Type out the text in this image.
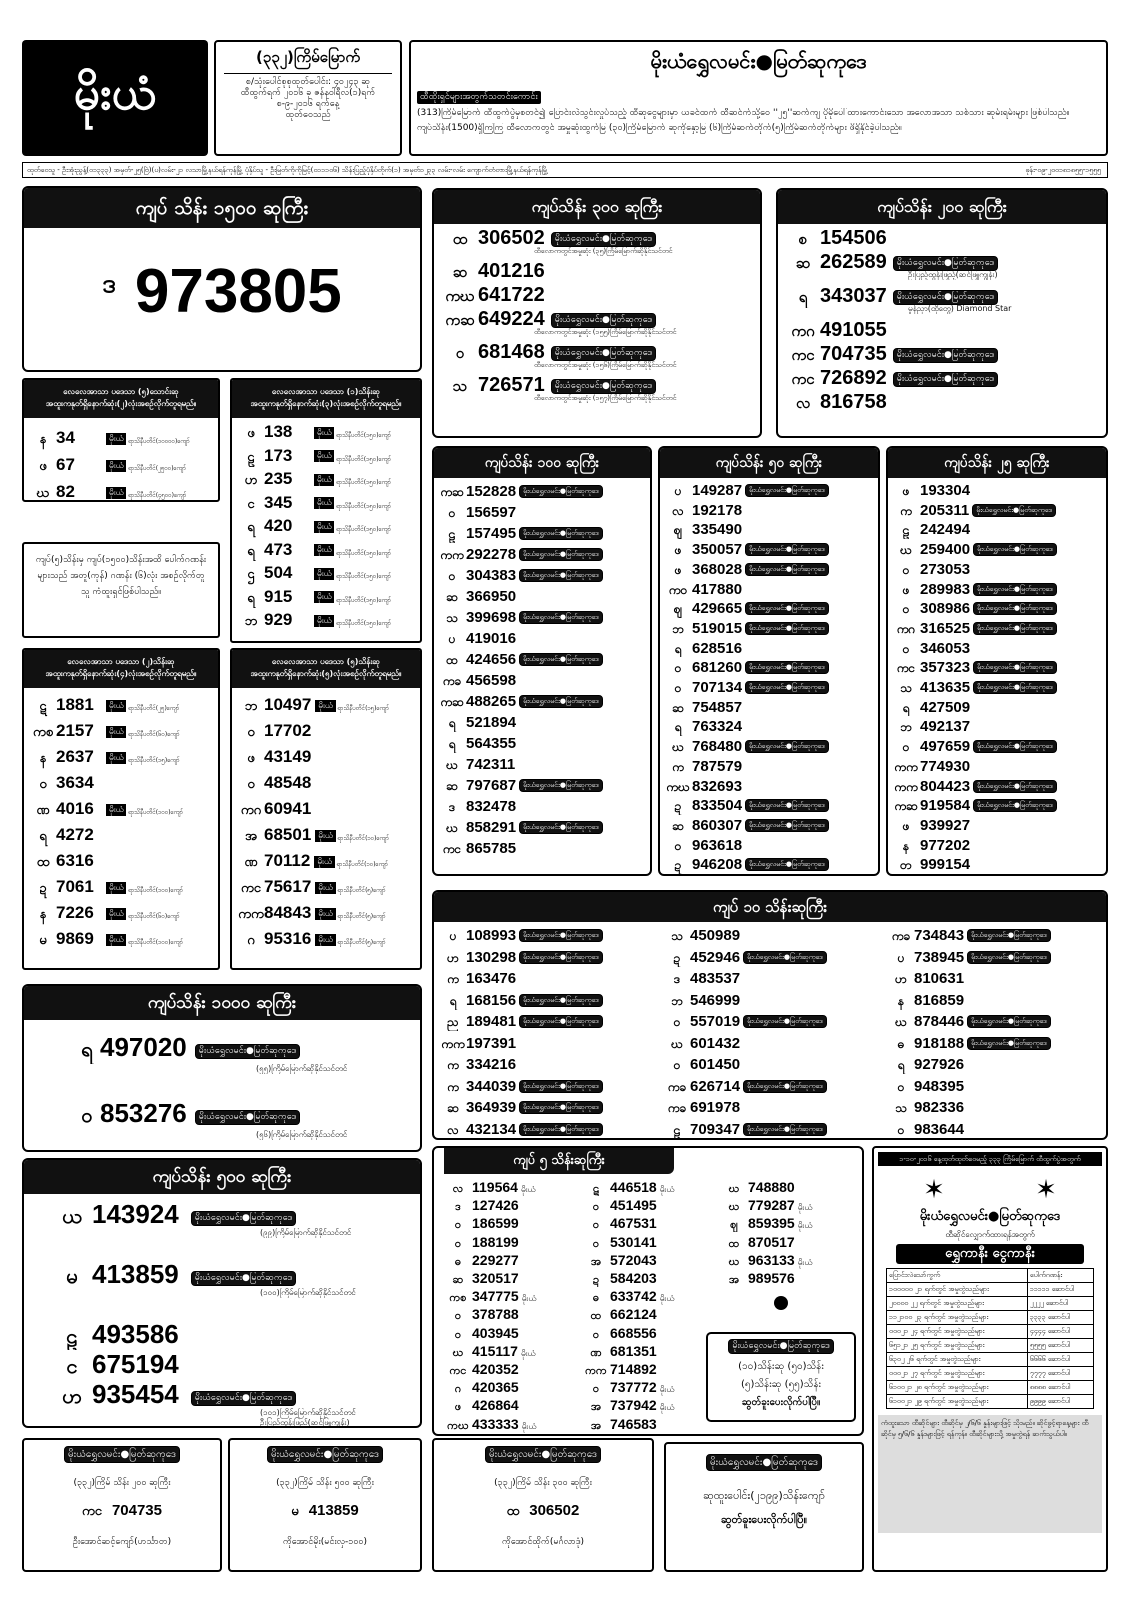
မိုးယံ
(၃၃၂)ကြိမ်မြောက်
စ/သုံးပေါင်စုစုထုတ်ပေါင်း: ၄၀၂၄၃ ဆု
ထီထွက်ရက် ၂၀၁၆ ခု ဇန်နဝါရီလ(၁)ရက်
စ-၉-၂၀၁၆ ရက်နေ့
ထုတ်ဝေသည်
မိုးယံရွှေလမင်း●မြတ်ဆုကုဒေ
ထီထိုးရှင်များအတွက်သတင်းကောင်း
(313)ကြိမ်မြောက် ထီထွက်ပွဲမှစတင်၍ ပြောင်းလဲသွင်းလှုပ်သည့် ထီဆုငွေများမှာ ယခင်ထက် ထီဆင်က်သို့ဝေ ''၂၅''ဆက်ကျ ပိုမိုပေါ်ထားကောင်းသော အလောအသာ သစ်သား ဆုမ်းရမ်းများ ဖြစ်ပါသည်။
ကျပ်သိန်း(1500)ရှိကြကြ ထီလောကတွင် အမှုဆုံးထွက်မြ (၃၀)ကြိမ်မြောက် ဆုကိုနှော့မြ (၆)ကြိမ်ဆက်တိုက်(၅)ကြိမ်ဆက်တိုက်များ ဖိရှိနိုင်ခဲ့ပါသည်။
ထုတ်ဝေသူ - ဦးအုံးညွန့်(ဝ၁၃၃၃) အမှတ်-၂၅(ဗြဲ)(ပ)လမ်း-၂၁ လသာမြို့နယ်ရန်ကုန်မြို့ ပုံနှိပ်သူ - ဦးမြတ်ကိုကိုမြင့်(ဝ၁၁၁ဝ၆) သိန်းပြည့်ပုံနှိပ်တိုက်(၁) အမှတ်၁၂၃၃ လမ်း-လမ်း ကျောက်တံတားမြို့နယ်ရန်ကုန်မြို့	ဖုန်း-၀၉-၂၀၀၁၈၁၈၅၅-၁၅၅၅
ကျပ် သိန်း ၁၅၀၀ ဆုကြီး
ဒ 973805
ကျပ်သိန်း ၃၀၀ ဆုကြီး
ထ 306502 မိုးယံရွှေလမင်း●မြတ်ဆုကုဒေ
ထီလောကတွင်အမှုဆုံး (၃၅)ကြိမ်မြောက်ဆိုနိုင်သင်တင်
ဆ 401216
ကဃ 641722
ကဆ 649224 မိုးယံရွှေလမင်း●မြတ်ဆုကုဒေ
ထီလောကတွင်အမှုဆုံး (၁၅၅)ကြိမ်မြောက်ဆိုနိုင်သင်တင်
ဝ 681468 မိုးယံရွှေလမင်း●မြတ်ဆုကုဒေ
ထီလောကတွင်အမှုဆုံး (၁၅၆)ကြိမ်မြောက်ဆိုနိုင်သင်တင်
သ 726571 မိုးယံရွှေလမင်း●မြတ်ဆုကုဒေ
ထီလောကတွင်အမှုဆုံး (၁၅၇)ကြိမ်မြောက်ဆိုနိုင်သင်တင်
ကျပ်သိန်း ၂၀၀ ဆုကြီး
စ 154506
ဆ 262589 မိုးယံရွှေလမင်း●မြတ်ဆုကုဒေ
ဦးပြည့်ထွန်းဖြည့်(ဆင်ဖြူကျွန်း)
ရ 343037 မိုးယံရွှေလမင်း●မြတ်ဆုကုဒေ
မှုန်ညှာ(ထိုတွေ) Diamond Star
ကဂ 491055
ကင 704735 မိုးယံရွှေလမင်း●မြတ်ဆုကုဒေ
ကင 726892 မိုးယံရွှေလမင်း●မြတ်ဆုကုဒေ
လ 816758
လေလေအာသာ ပဒေသာ (၅)သောင်းဆု
အထူးကနုတ်ရှိနောက်ဆုံး(၂)လုံးအစဉ်လိုက်တူရမည်။
န 34	မိုးယံ ရာသိနီပတိင်(၁၀၀၀၀)ကျော်
ဖ 67	မိုးယံ ရာသိနီပတိင်(၂၅၀၀)ကျော်
ဃ 82	မိုးယံ ရာသိနီပတိင်(၄၅၀၀)ကျော်
ကျပ်(၅)သိန်းမှ ကျပ်(၁၅၀၀)သိန်းအထိ ပေါက်ဂဏန်းများသည် အတူ(ကုန်) ဂဏန်း (၆)လုံး အစဉ်လိုက်တူသူ ကံထူးရှင်ဖြစ်ပါသည်။
လေလေအာသာ ပဒေသာ (၁)သိန်းဆု
အထူးကနုတ်ရှိနောက်ဆုံး(၃)လုံးအစဉ်လိုက်တူရမည်။
ဖ 138	မိုးယံ ရာသိနီပတိင်(၁၅၀)ကျော်
ဠ 173	မိုးယံ ရာသိနီပတိင်(၁၅၀)ကျော်
ဟ 235	မိုးယံ ရာသိနီပတိင်(၁၅၀)ကျော်
င 345	မိုးယံ ရာသိနီပတိင်(၁၅၀)ကျော်
ရ 420	မိုးယံ ရာသိနီပတိင်(၁၅၀)ကျော်
ရ 473	မိုးယံ ရာသိနီပတိင်(၁၅၀)ကျော်
ဌ 504	မိုးယံ ရာသိနီပတိင်(၁၅၀)ကျော်
ရ 915	မိုးယံ ရာသိနီပတိင်(၁၅၀)ကျော်
ဘ 929	မိုးယံ ရာသိနီပတိင်(၁၅၀)ကျော်
လေလေအာသာ ပဒေသာ (၂)သိန်းဆု
အထူးကနုတ်ရှိနောက်ဆုံး(၄)လုံးအစဉ်လိုက်တူရမည်။
ဋ 1881 မိုးယံ ရာသိနီပတိင်(၂၅)ကျော်
ကစ 2157 မိုးယံ ရာသိနီပတိင်(၆၀)ကျော်
န 2637 မိုးယံ ရာသိနီပတိင်(၁၅)ကျော်
ဝ 3634
ဏ 4016 မိုးယံ ရာသိနီပတိင်(၁၀၀)ကျော်
ရ 4272
ထ 6316
ဍ 7061 မိုးယံ ရာသိနီပတိင်(၁၀၀)ကျော်
န 7226 မိုးယံ ရာသိနီပတိင်(၆၀)ကျော်
မ 9869 မိုးယံ ရာသိနီပတိင်(၁၀၀)ကျော်
လေလေအာသာ ပဒေသာ (၅)သိန်းဆု
အထူးကနုတ်ရှိနောက်ဆုံး(၅)လုံးအစဉ်လိုက်တူရမည်။
ဘ 10497 မိုးယံ ရာသိနီပတိင်(၁၅)ကျော်
ဝ 17702
ဖ 43149
ဝ 48548
ကဂ 60941
အ 68501 မိုးယံ ရာသိနီပတိင်(၁၀)ကျော်
ဏ 70112 မိုးယံ ရာသိနီပတိင်(၁၀)ကျော်
ကင 75617 မိုးယံ ရာသိနီပတိင်(၅)ကျော်
ကက84843 မိုးယံ ရာသိနီပတိင်(၅)ကျော်
ဂ 95316 မိုးယံ ရာသိနီပတိင်(၅)ကျော်
ကျပ်သိန်း ၁၀၀ ဆုကြီး
ကဆ 152828 မိုးယံရွှေလမင်း●မြတ်ဆုကုဒေ
ဝ 156597
ဠ 157495 မိုးယံရွှေလမင်း●မြတ်ဆုကုဒေ
ကက 292278 မိုးယံရွှေလမင်း●မြတ်ဆုကုဒေ
ဝ 304383 မိုးယံရွှေလမင်း●မြတ်ဆုကုဒေ
ဆ 366950
သ 399698 မိုးယံရွှေလမင်း●မြတ်ဆုကုဒေ
ပ 419016
ထ 424656 မိုးယံရွှေလမင်း●မြတ်ဆုကုဒေ
ကခ 456598
ကဆ 488265 မိုးယံရွှေလမင်း●မြတ်ဆုကုဒေ
ရ 521894
ရ 564355
ဃ 742311
ဆ 797687 မိုးယံရွှေလမင်း●မြတ်ဆုကုဒေ
ဒ 832478
ဃ 858291 မိုးယံရွှေလမင်း●မြတ်ဆုကုဒေ
ကင 865785
ကျပ်သိန်း ၅၀ ဆုကြီး
ပ 149287 မိုးယံရွှေလမင်း●မြတ်ဆုကုဒေ
လ 192178
ဈ 335490
ဖ 350057 မိုးယံရွှေလမင်း●မြတ်ဆုကုဒေ
ဖ 368028 မိုးယံရွှေလမင်း●မြတ်ဆုကုဒေ
ကဝ 417880
ဈ 429665 မိုးယံရွှေလမင်း●မြတ်ဆုကုဒေ
ဘ 519015 မိုးယံရွှေလမင်း●မြတ်ဆုကုဒေ
ရ 628516
ဝ 681260 မိုးယံရွှေလမင်း●မြတ်ဆုကုဒေ
ဝ 707134 မိုးယံရွှေလမင်း●မြတ်ဆုကုဒေ
ဆ 754857
ရ 763324
ဃ 768480 မိုးယံရွှေလမင်း●မြတ်ဆုကုဒေ
က 787579
ကဃ 832693
ဍ 833504 မိုးယံရွှေလမင်း●မြတ်ဆုကုဒေ
ဆ 860307 မိုးယံရွှေလမင်း●မြတ်ဆုကုဒေ
ဝ 963618
ဍ 946208 မိုးယံရွှေလမင်း●မြတ်ဆုကုဒေ
ကျပ်သိန်း ၂၅ ဆုကြီး
ဖ 193304
က 205311 မိုးယံရွှေလမင်း●မြတ်ဆုကုဒေ
ဠ 242494
ဃ 259400 မိုးယံရွှေလမင်း●မြတ်ဆုကုဒေ
ဝ 273053
ဖ 289983 မိုးယံရွှေလမင်း●မြတ်ဆုကုဒေ
ဝ 308986 မိုးယံရွှေလမင်း●မြတ်ဆုကုဒေ
ကဂ 316525 မိုးယံရွှေလမင်း●မြတ်ဆုကုဒေ
ဝ 346053
ကင 357323 မိုးယံရွှေလမင်း●မြတ်ဆုကုဒေ
သ 413635 မိုးယံရွှေလမင်း●မြတ်ဆုကုဒေ
ရ 427509
ဘ 492137
ဝ 497659 မိုးယံရွှေလမင်း●မြတ်ဆုကုဒေ
ကက 774930
ကက 804423 မိုးယံရွှေလမင်း●မြတ်ဆုကုဒေ
ကဆ 919584 မိုးယံရွှေလမင်း●မြတ်ဆုကုဒေ
ဖ 939927
န 977202
တ 999154
ကျပ် ၁၀ သိန်းဆုကြီး
ပ 108993 မိုးယံရွှေလမင်း●မြတ်ဆုကုဒေ
ဟ 130298 မိုးယံရွှေလမင်း●မြတ်ဆုကုဒေ
က 163476
ရ 168156 မိုးယံရွှေလမင်း●မြတ်ဆုကုဒေ
ည 189481 မိုးယံရွှေလမင်း●မြတ်ဆုကုဒေ
ကက197391
က 334216
က 344039 မိုးယံရွှေလမင်း●မြတ်ဆုကုဒေ
ဆ 364939 မိုးယံရွှေလမင်း●မြတ်ဆုကုဒေ
လ 432134 မိုးယံရွှေလမင်း●မြတ်ဆုကုဒေ
သ 450989
ဍ 452946 မိုးယံရွှေလမင်း●မြတ်ဆုကုဒေ
ဒ 483537
ဘ 546999
ဝ 557019 မိုးယံရွှေလမင်း●မြတ်ဆုကုဒေ
ဃ 601432
ဝ 601450
ကခ 626714 မိုးယံရွှေလမင်း●မြတ်ဆုကုဒေ
ကခ 691978
ဠ 709347 မိုးယံရွှေလမင်း●မြတ်ဆုကုဒေ
ကခ 734843 မိုးယံရွှေလမင်း●မြတ်ဆုကုဒေ
ပ 738945 မိုးယံရွှေလမင်း●မြတ်ဆုကုဒေ
ဟ 810631
န 816859
ဃ 878446 မိုးယံရွှေလမင်း●မြတ်ဆုကုဒေ
ဓ 918188 မိုးယံရွှေလမင်း●မြတ်ဆုကုဒေ
ရ 927926
ဝ 948395
သ 982336
ဝ 983644
ကျပ်သိန်း ၁၀၀၀ ဆုကြီး
ရ 497020 မိုးယံရွှေလမင်း●မြတ်ဆုကုဒေ
(၅၅)ကြိမ်မြောက်ဆိုနိုင်သင်တင်
ဝ 853276 မိုးယံရွှေလမင်း●မြတ်ဆုကုဒေ
(၅၆)ကြိမ်မြောက်ဆိုနိုင်သင်တင်
ကျပ်သိန်း ၅၀၀ ဆုကြီး
ယ 143924 မိုးယံရွှေလမင်း●မြတ်ဆုကုဒေ
(၉၉)ကြိမ်မြောက်ဆိုနိုင်သင်တင်
မ 413859 မိုးယံရွှေလမင်း●မြတ်ဆုကုဒေ
(၁၀၀)ကြိမ်မြောက်ဆိုနိုင်သင်တင်
ဠ 493586
င 675194
ဟ 935454 မိုးယံရွှေလမင်း●မြတ်ဆုကုဒေ
(၁၀၁)ကြိမ်မြောက်ဆိုနိုင်သင်တင်
ဦးပြည့်ထွန်းဖြည့်(ဆင်ဖြူကျွန်း)
ကျပ် ၅ သိန်းဆုကြီး
မိုးယံရွှေလမင်း●မြတ်ဆုကုဒေ
(၁၀)သိန်းဆု (၅၀)သိန်း
(၅)သိန်းဆု (၅၅)သိန်း
ဆွတ်ခူးပေးလိုက်ပါပြီ။
လ 119564 မိုးယံ
ဒ 127426
ဝ 186599
ဝ 188199
ဓ 229277
ဆ 320517
ကစ 347775 မိုးယံ
ဝ 378788
ဝ 403945
ဃ 415117 မိုးယံ
ကင 420352
ဂ 420365
ဖ 426864
ကဃ 433333 မိုးယံ
ဋ 446518 မိုးယံ
ဝ 451495
ဝ 467531
ဝ 530141
အ 572043
ဍ 584203
ဓ 633742 မိုးယံ
ထ 662124
ဝ 668556
ဏ 681351
ကက 714892
ဝ 737772 မိုးယံ
အ 737942 မိုးယံ
အ 746583
ဃ 748880
ဃ 779287 မိုးယံ
ဈ 859395 မိုးယံ
ထ 870517
ဃ 963133 မိုးယံ
အ 989576
၁-၁၀-၂၀၁၆ နေ့ထုတ်ထုတ်ဝေမည့် ၃၃၃ ကြိမ်မြောက် ထီထွက်ပွဲအတွက်
✶	✶
မိုးယံရွှေလမင်း●မြတ်ဆုကုဒေ
ထီဆိုင်လျှောက်ထားရန်အတွက်
ရွှေကာနီး ငွေကာနီး
ပြောင်းလဲသော်ကွက်	ပေါက်ဂဏန်း
၁၀၀၀၀၀ ၂၁ ရက်တွင် အမှုတွဲသည်များ	၁၁၁၁၁ ဆောင်ပါ
၂၀၀၀၀ ၂၂ ရက်တွင် အမှုတွဲသည်များ	၂၂၂၂ ဆောင်ပါ
၁၁၂၁၀၀ ၂၃ ရက်တွင် အမှုတွဲသည်များ	၃၃၃၃ ဆောင်ပါ
၀၀၀၂၁ ၂၄ ရက်တွင် အမှုတွဲသည်များ	၄၄၄၄ ဆောင်ပါ
၆၅၁၂၁ ၂၅ ရက်တွင် အမှုတွဲသည်များ	၅၅၅၅ ဆောင်ပါ
၆၃၀၂ ၂၆ ရက်တွင် အမှုတွဲသည်များ	၆၆၆၆ ဆောင်ပါ
၀၀၀၂၁ ၂၇ ရက်တွင် အမှုတွဲသည်များ	၇၇၇၇ ဆောင်ပါ
၆၁၀၀၂၁ ၂၈ ရက်တွင် အမှုတွဲသည်များ	၈၈၈၈ ဆောင်ပါ
၆၁၀၀၂၁ ၂၉ ရက်တွင် အမှုတွဲသည်များ	၉၉၉၉ ဆောင်ပါ
ကံထူးသော ထီဆိုင်များ ထီဆိုင်မှ ၂/၆/၆ နှုန်းများဖြင့် သိုးမည်။ ဆိုင်ဖွင့်ရာနေ့များ ထီဆိုင်မှ ၅/၆/၆ နှုန်းများဖြင့် ရန်ကုန်။ ထီဆိုင်များသို့ အမှုတွဲရန် ဆက်သွယ်ပါ။
မိုးယံရွှေလမင်း●မြတ်ဆုကုဒေ
(၃၃၂)ကြိမ် သိန်း ၂၀၀ ဆုကြီး
ကင 704735
ဦးအောင်ဆင့်ကျော်(ဟင်္သာတ)
မိုးယံရွှေလမင်း●မြတ်ဆုကုဒေ
(၃၃၂)ကြိမ် သိန်း ၅၀၀ ဆုကြီး
မ 413859
ကိုအောင်မိုး(မင်းလှ-၁၀၀)
မိုးယံရွှေလမင်း●မြတ်ဆုကုဒေ
(၃၃၂)ကြိမ် သိန်း ၃၀၀ ဆုကြီး
ထ 306502
ကိုအောင်ထိုက်(မင်္ဂလာဒုံ)
မိုးယံရွှေလမင်း●မြတ်ဆုကုဒေ
ဆုထူးပေါင်း(၂၁၉၉)သိန်းကျော်
ဆွတ်ခူးပေးလိုက်ပါပြီ။
